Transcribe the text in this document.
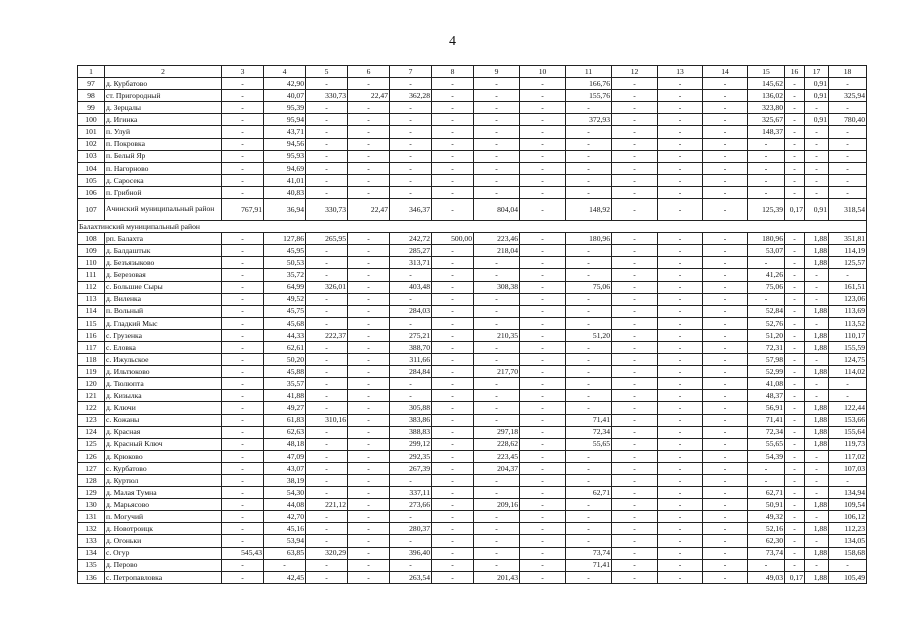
4
1	2	3	4	5	6	7	8	9	10	11	12	13	14	15	16	17	18
97	д. Курбатово	-	42,90	-	-	-	-	-	-	166,76	-	-	-	145,62	-	0,91	-
98	ст. Пригородный	-	40,07	330,73	22,47	362,28	-	-	-	155,76	-	-	-	136,02	-	0,91	325,94
99	д. Зерцалы	-	95,39	-	-	-	-	-	-	-	-	-	-	323,80	-	-	-
100	д. Игинка	-	95,94	-	-	-	-	-	-	372,93	-	-	-	325,67	-	0,91	780,40
101	п. Улуй	-	43,71	-	-	-	-	-	-	-	-	-	-	148,37	-	-	-
102	п. Покровка	-	94,56	-	-	-	-	-	-	-	-	-	-	-	-	-	-
103	п. Белый Яр	-	95,93	-	-	-	-	-	-	-	-	-	-	-	-	-	-
104	п. Нагорново	-	94,69	-	-	-	-	-	-	-	-	-	-	-	-	-	-
105	д. Саросека	-	41,01	-	-	-	-	-	-	-	-	-	-	-	-	-	-
106	п. Грибной	-	40,83	-	-	-	-	-	-	-	-	-	-	-	-	-	-
107	Ачинский муниципальный район	767,91	36,94	330,73	22,47	346,37	-	804,04	-	148,92	-	-	-	125,39	0,17	0,91	318,54
Балахтинский муниципальный район																	
108	рп. Балахта	-	127,86	265,95	-	242,72	500,00	223,46	-	180,96	-	-	-	180,96	-	1,88	351,81
109	д. Балдаштык	-	45,95	-	-	285,27	-	218,04	-	-	-	-	-	53,07	-	1,88	114,19
110	д. Безъязыково	-	50,53	-	-	313,71	-	-	-	-	-	-	-	-	-	1,88	125,57
111	д. Березовая	-	35,72	-	-	-	-	-	-	-	-	-	-	41,26	-	-	-
112	с. Большие Сыры	-	64,99	326,01	-	403,48	-	308,38	-	75,06	-	-	-	75,06	-	-	161,51
113	д. Виленка	-	49,52	-	-	-	-	-	-	-	-	-	-	-	-	-	123,06
114	п. Вольный	-	45,75	-	-	284,03	-	-	-	-	-	-	-	52,84	-	1,88	113,69
115	д. Гладкий Мыс	-	45,68	-	-	-	-	-	-	-	-	-	-	52,76	-	-	113,52
116	с. Грузенка	-	44,33	222,37	-	275,21	-	210,35	-	51,20	-	-	-	51,20	-	1,88	110,17
117	с. Еловка	-	62,61	-	-	388,70	-	-	-	-	-	-	-	72,31	-	1,88	155,59
118	с. Ижульское	-	50,20	-	-	311,66	-	-	-	-	-	-	-	57,98	-	-	124,75
119	д. Ильтюково	-	45,88	-	-	284,84	-	217,70	-	-	-	-	-	52,99	-	1,88	114,02
120	д. Тюлюпта	-	35,57	-	-	-	-	-	-	-	-	-	-	41,08	-	-	-
121	д. Кизылка	-	41,88	-	-	-	-	-	-	-	-	-	-	48,37	-	-	-
122	д. Ключи	-	49,27	-	-	305,88	-	-	-	-	-	-	-	56,91	-	1,88	122,44
123	с. Кожаны	-	61,83	310,16	-	383,86	-	-	-	71,41	-	-	-	71,41	-	1,88	153,66
124	д. Красная	-	62,63	-	-	388,83	-	297,18	-	72,34	-	-	-	72,34	-	1,88	155,64
125	д. Красный Ключ	-	48,18	-	-	299,12	-	228,62	-	55,65	-	-	-	55,65	-	1,88	119,73
126	д. Крюково	-	47,09	-	-	292,35	-	223,45	-	-	-	-	-	54,39	-	-	117,02
127	с. Курбатово	-	43,07	-	-	267,39	-	204,37	-	-	-	-	-	-	-	-	107,03
128	д. Куртюл	-	38,19	-	-	-	-	-	-	-	-	-	-	-	-	-	-
129	д. Малая Тумна	-	54,30	-	-	337,11	-	-	-	62,71	-	-	-	62,71	-	-	134,94
130	д. Марьясово	-	44,08	221,12	-	273,66	-	209,16	-	-	-	-	-	50,91	-	1,88	109,54
131	п. Могучий	-	42,70	-	-	-	-	-	-	-	-	-	-	49,32	-	-	106,12
132	д. Новотроицк	-	45,16	-	-	280,37	-	-	-	-	-	-	-	52,16	-	1,88	112,23
133	д. Огоньки	-	53,94	-	-	-	-	-	-	-	-	-	-	62,30	-	-	134,05
134	с. Огур	545,43	63,85	320,29	-	396,40	-	-	-	73,74	-	-	-	73,74	-	1,88	158,68
135	д. Перово	-	-	-	-	-	-	-	-	71,41	-	-	-	-	-	-	-
136	с. Петропавловка	-	42,45	-	-	263,54	-	201,43	-	-	-	-	-	49,03	0,17	1,88	105,49
